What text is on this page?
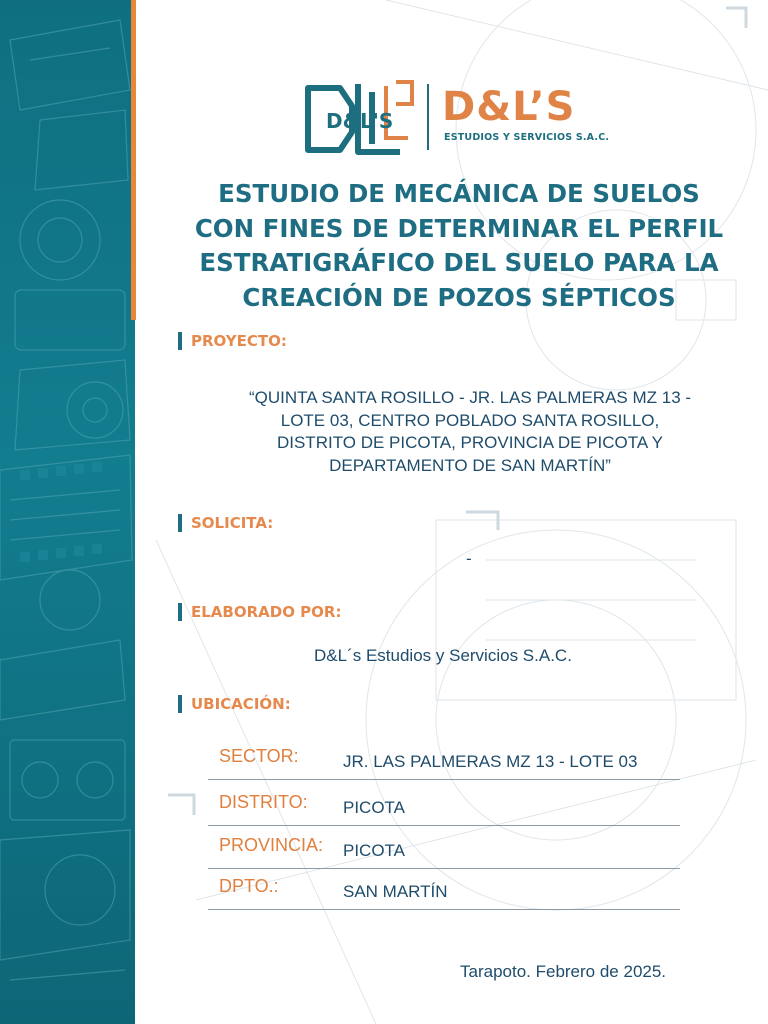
D&L'S D&L’S
ESTUDIOS Y SERVICIOS S.A.C.
ESTUDIO DE MECÁNICA DE SUELOS
CON FINES DE DETERMINAR EL PERFIL
ESTRATIGRÁFICO DEL SUELO PARA LA
CREACIÓN DE POZOS SÉPTICOS
PROYECTO:
“QUINTA SANTA ROSILLO - JR. LAS PALMERAS MZ 13 -
LOTE 03, CENTRO POBLADO SANTA ROSILLO,
DISTRITO DE PICOTA, PROVINCIA DE PICOTA Y
DEPARTAMENTO DE SAN MARTÍN”
SOLICITA:
-
ELABORADO POR:
D&L´s Estudios y Servicios S.A.C.
UBICACIÓN:
SECTOR:	JR. LAS PALMERAS MZ 13 - LOTE 03
DISTRITO: PICOTA
PROVINCIA: PICOTA
DPTO.:	SAN MARTÍN
Tarapoto. Febrero de 2025.
